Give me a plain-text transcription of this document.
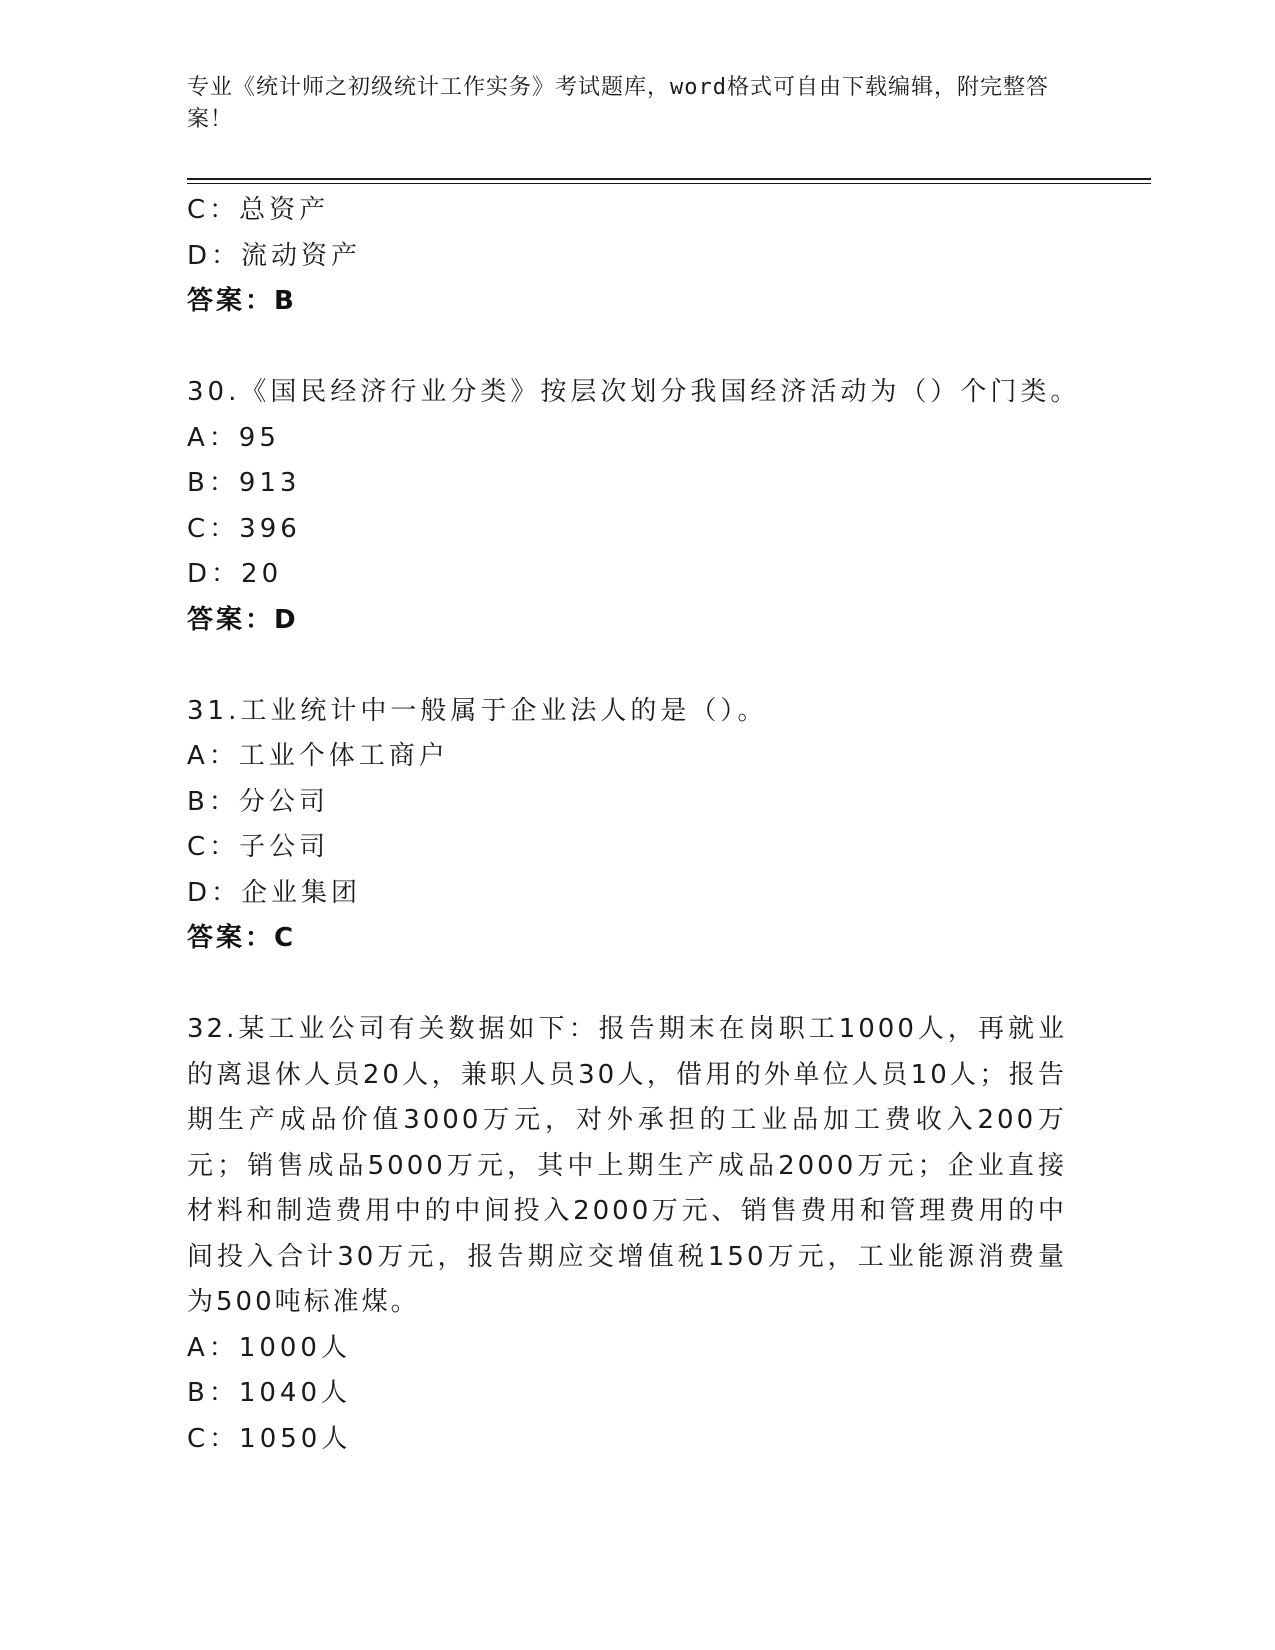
专业《统计师之初级统计工作实务》考试题库，word格式可自由下载编辑，附完整答案！
C：总资产
D：流动资产
答案：B
30.《国民经济行业分类》按层次划分我国经济活动为（）个门类。
A：95
B：913
C：396
D：20
答案：D
31.工业统计中一般属于企业法人的是（）。
A：工业个体工商户
B：分公司
C：子公司
D：企业集团
答案：C
32.某工业公司有关数据如下：报告期末在岗职工1000人，再就业的离退休人员20人，兼职人员30人，借用的外单位人员10人；报告期生产成品价值3000万元，对外承担的工业品加工费收入200万元；销售成品5000万元，其中上期生产成品2000万元；企业直接材料和制造费用中的中间投入2000万元、销售费用和管理费用的中间投入合计30万元，报告期应交增值税150万元，工业能源消费量为500吨标准煤。
A：1000人
B：1040人
C：1050人
